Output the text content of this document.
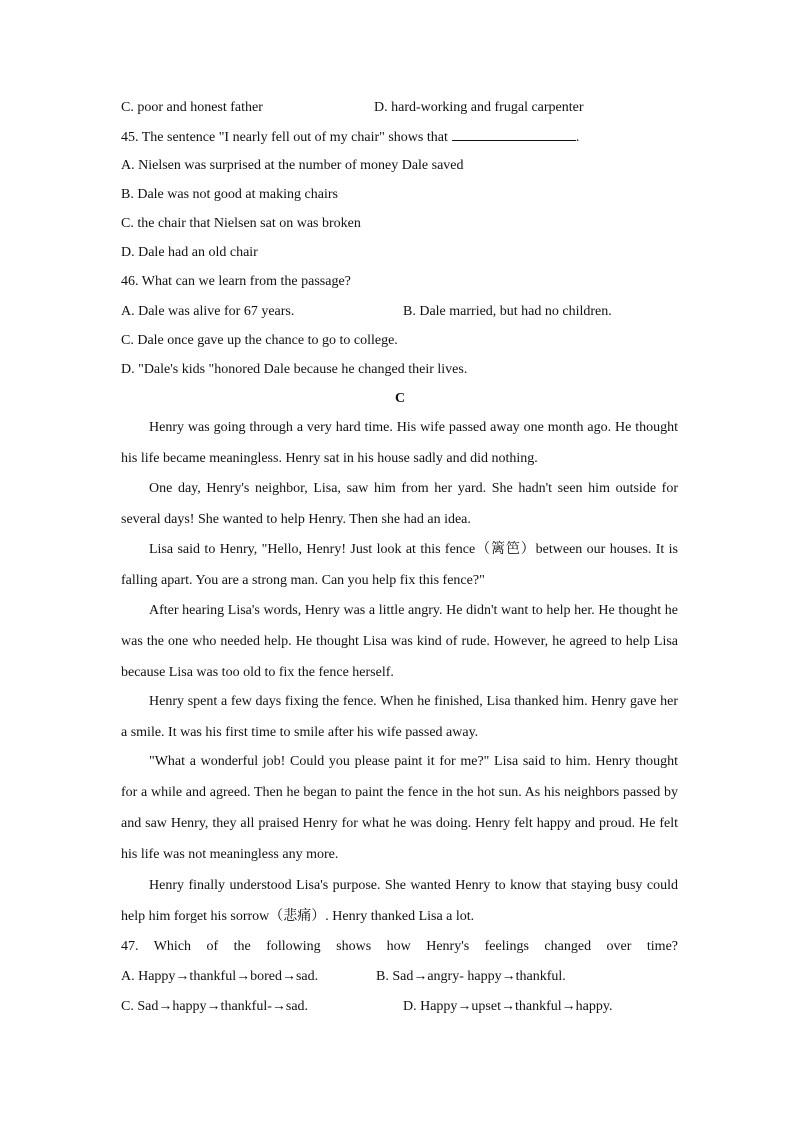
C. poor and honest father	D. hard-working and frugal carpenter
45. The sentence "I nearly fell out of my chair" shows that	.
A. Nielsen was surprised at the number of money Dale saved
B. Dale was not good at making chairs
C. the chair that Nielsen sat on was broken
D. Dale had an old chair
46. What can we learn from the passage?
A. Dale was alive for 67 years.	B. Dale married, but had no children.
C. Dale once gave up the chance to go to college.
D. "Dale's kids "honored Dale because he changed their lives.
C
Henry was going through a very hard time. His wife passed away one month ago. He thought his life became meaningless. Henry sat in his house sadly and did nothing.
One day, Henry's neighbor, Lisa, saw him from her yard. She hadn't seen him outside for several days! She wanted to help Henry. Then she had an idea.
Lisa said to Henry, "Hello, Henry! Just look at this fence（篱笆）between our houses. It is falling apart. You are a strong man. Can you help fix this fence?"
After hearing Lisa's words, Henry was a little angry. He didn't want to help her. He thought he was the one who needed help. He thought Lisa was kind of rude. However, he agreed to help Lisa because Lisa was too old to fix the fence herself.
Henry spent a few days fixing the fence. When he finished, Lisa thanked him. Henry gave her a smile. It was his first time to smile after his wife passed away.
"What a wonderful job! Could you please paint it for me?" Lisa said to him. Henry thought for a while and agreed. Then he began to paint the fence in the hot sun. As his neighbors passed by and saw Henry, they all praised Henry for what he was doing. Henry felt happy and proud. He felt his life was not meaningless any more.
Henry finally understood Lisa's purpose. She wanted Henry to know that staying busy could help him forget his sorrow（悲痛）. Henry thanked Lisa a lot.
47. Which of the following shows how Henry's feelings changed over time?
A. Happy→thankful→bored→sad.	B. Sad→angry- happy→thankful.
C. Sad→happy→thankful-→sad.	D. Happy→upset→thankful→happy.
